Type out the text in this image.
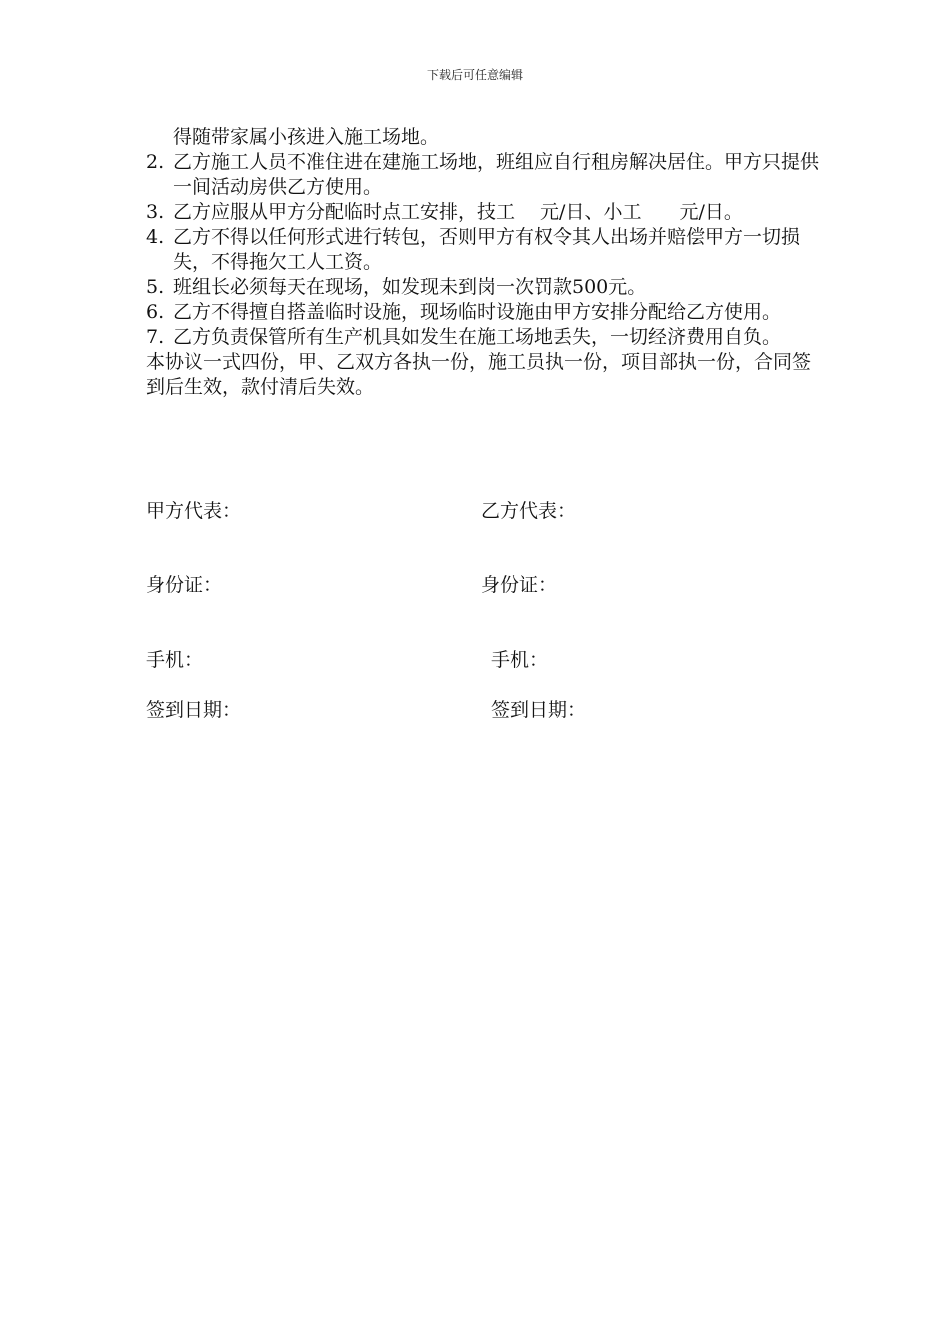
下载后可任意编辑
得随带家属小孩进入施工场地。
2. 乙方施工人员不准住进在建施工场地，班组应自行租房解决居住。甲方只提供一间活动房供乙方使用。
3. 乙方应服从甲方分配临时点工安排，技工　 元/日、小工　　元/日。
4. 乙方不得以任何形式进行转包，否则甲方有权令其人出场并赔偿甲方一切损失，不得拖欠工人工资。
5. 班组长必须每天在现场，如发现未到岗一次罚款500元。
6. 乙方不得擅自搭盖临时设施，现场临时设施由甲方安排分配给乙方使用。
7. 乙方负责保管所有生产机具如发生在施工场地丢失，一切经济费用自负。
本协议一式四份，甲、乙双方各执一份，施工员执一份，项目部执一份，合同签到后生效，款付清后失效。
甲方代表：	乙方代表：
身份证：	身份证：
手机：	手机：
签到日期：	签到日期：
